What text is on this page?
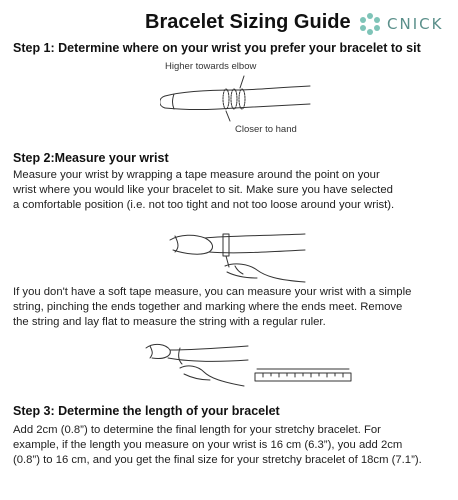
Bracelet Sizing Guide CNICK
Step 1: Determine where on your wrist you prefer your bracelet to sit
Higher towards elbow
Closer to hand
Step 2:Measure your wrist
Measure your wrist by wrapping a tape measure around the point on your
wrist where you would like your bracelet to sit. Make sure you have selected
a comfortable position (i.e. not too tight and not too loose around your wrist).
If you don't have a soft tape measure, you can measure your wrist with a simple
string, pinching the ends together and marking where the ends meet. Remove
the string and lay flat to measure the string with a regular ruler.
Step 3: Determine the length of your bracelet
Add 2cm (0.8”) to determine the final length for your stretchy bracelet. For
example, if the length you measure on your wrist is 16 cm (6.3”), you add 2cm
(0.8”) to 16 cm, and you get the final size for your stretchy bracelet of 18cm (7.1”).
